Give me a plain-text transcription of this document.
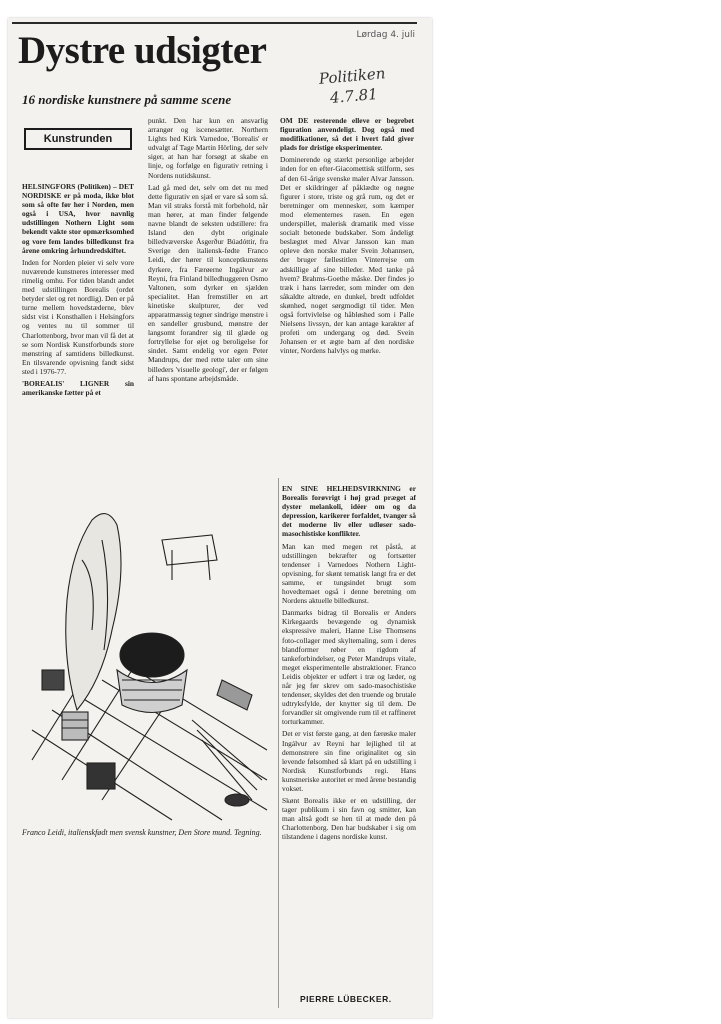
Dystre udsigter	Lørdag 4. juli
Politiken
4.7.81
16 nordiske kunstnere på samme scene
Kunstrunden

HELSINGFORS (Politiken) – DET NORDISKE er på moda, ikke blot som så ofte før her i Norden, men også i USA, hvor navnlig udstillingen Nothern Light som bekendt vakte stor opmærksomhed og vore fem landes billedkunst fra årene omkring århundredskiftet.

Inden for Norden pleier vi selv vore nuværende kunstneres interesser med rimelig omhu. For tiden blandt andet med udstillingen Borealis (ordet betyder slet og ret nordlig). Den er på turne mellem hovedstæderne, blev sidst vist i Konsthallen i Helsingfors og ventes nu til sommer til Charlottenborg, hvor man vil få det at se som Nordisk Kunstforbunds store mønstring af samtidens billedkunst. En tilsvarende opvisning fandt sidst sted i 1976-77.

'BOREALIS' LIGNER sin amerikanske fætter på et

punkt. Den har kun en ansvarlig arrangør og iscenesætter. Northern Lights hed Kirk Varnedoe, 'Borealis' er udvalgt af Tage Martin Hörling, der selv siger, at han har forsøgt at skabe en linje, og forfølge en figurativ retning i Nordens nutidskunst.

Lad gå med det, selv om det nu med dette figurativ en sjæl er vare så som så. Man vil straks forstå mit forbehold, når man hører, at man finder følgende navne blandt de seksten udstillere: fra Island den dybt originale billedvæverske Åsgerður Búadóttir, fra Sverige den italiensk-fødte Franco Leidi, der hører til konceptkunstens dyrkere, fra Færøerne Ingálvur av Reyni, fra Finland billedhuggeren Osmo Valtonen, som dyrker en sjælden specialitet. Han fremstiller en art kinetiske skulpturer, der ved apparatmæssig tegner sindrige mønstre i en sandeller grusbund, mønstre der langsomt forandrer sig til glæde og fortryllelse for øjet og beroligelse for sindet. Samt endelig vor egen Peter Mandrups, der med rette taler om sine billeders 'visuelle geologi', der er følgen af hans spontane arbejdsmåde.

OM DE resterende elleve er begrebet figuration anvendeligt. Dog også med modifikationer, så det i hvert fald giver plads for dristige eksperimenter.

Dominerende og stærkt personlige arbejder inden for en efter-Giacomettisk stilform, ses af den 61-årige svenske maler Alvar Jansson. Det er skildringer af påklædte og nøgne figurer i store, triste og grå rum, og det er beretninger om mennesker, som kæmper mod elementernes rasen. En egen underspillet, malerisk dramatik med visse socialt betonede budskaber. Som åndeligt beslægtet med Alvar Jansson kan man opleve den norske maler Svein Johannsen, der bruger fællestitlen Vinterrejse om adskillige af sine billeder. Med tanke på hvem? Brahms-Goethe måske. Der findes jo træk i hans lærreder, som minder om den såkaldte altrøde, en dunkel, bredt udfoldet skønhed, noget sørgmodigt til tider. Men også fortvivlelse og håbløshed som i Palle Nielsens livssyn, der kan antage karakter af profeti om undergang og død. Svein Johansen er et ægte barn af den nordiske vinter, Nordens halvlys og mørke.

EN SINE HELHEDSVIRKNING er Borealis forøvrigt i høj grad præget af dyster melankoli, idéer om og da depression, karikerer forfaldet, tvanger så det moderne liv eller udløser sado-masochistiske konflikter.

Man kan med megen ret påstå, at udstillingen bekræfter og fortsætter tendenser i Varnedoes Nothern Light-opvisning, for skønt tematisk langt fra er det samme, er tungsindet brugt som hovedtemaet også i denne beretning om Nordens aktuelle billedkunst.

Danmarks bidrag til Borealis er Anders Kirkegaards bevægende og dynamisk ekspressive maleri, Hanne Lise Thomsens foto-collager med skyltemaling, som i deres blandformer røber en rigdom af tankeforbindelser, og Peter Mandrups vitale, meget eksperimentelle abstraktioner. Franco Leidis objekter er udført i træ og læder, og når jeg før skrev om sado-masochistiske tendenser, skyldes det den truende og brutale udtryksfylde, der knytter sig til dem. De forvandler sit omgivende rum til et raffineret torturkammer.

Det er vist første gang, at den færøske maler Ingálvur av Reyni har lejlighed til at demonstrere sin fine originalitet og sin levende følsomhed så klart på en udstilling i Nordisk Kunstforbunds regi. Hans kunstneriske autoritet er med årene bestandig vokset.

Skønt Borealis ikke er en udstilling, der tager publikum i sin favn og smitter, kan man altså godt se hen til at møde den på Charlottenborg. Den har budskaber i sig om tilstandene i dagens nordiske kunst.

Franco Leidi, italienskfødt men svensk kunstner, Den Store mund. Tegning.
PIERRE LÜBECKER.
